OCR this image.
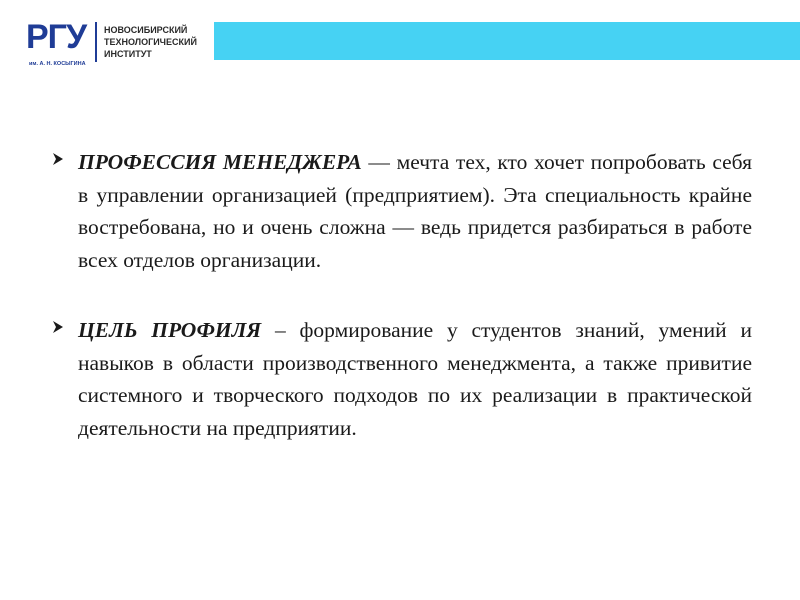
РГУ
им. А. Н. КОСЫГИНА
НОВОСИБИРСКИЙ
ТЕХНОЛОГИЧЕСКИЙ
ИНСТИТУТ

ПРОФЕССИЯ МЕНЕДЖЕРА — мечта тех, кто хочет попробовать себя в управлении организацией (предприятием). Эта специальность крайне востребована, но и очень сложна — ведь придется разбираться в работе всех отделов организации.

ЦЕЛЬ ПРОФИЛЯ – формирование у студентов знаний, умений и навыков в области производственного менеджмента, а также привитие системного и творческого подходов по их реализации в практической деятельности на предприятии.
